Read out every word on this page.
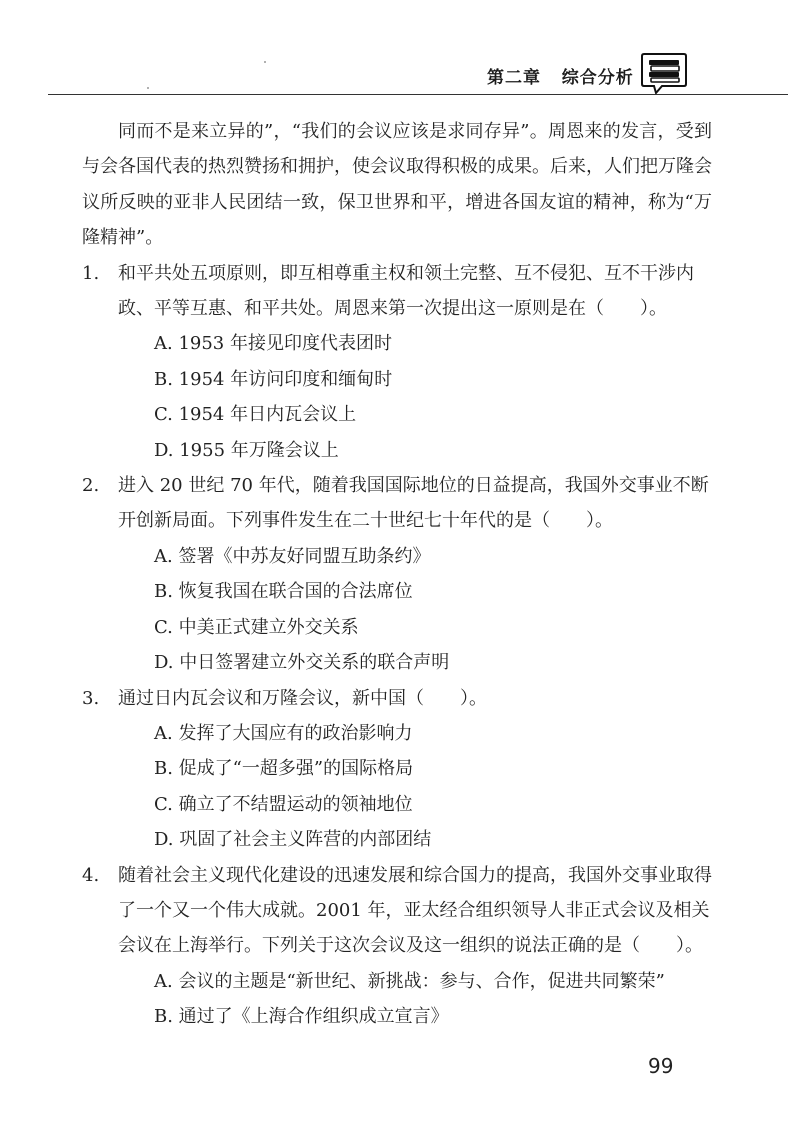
第二章 综合分析

同而不是来立异的”，“我们的会议应该是求同存异”。周恩来的发言，受到与会各国代表的热烈赞扬和拥护，使会议取得积极的成果。后来，人们把万隆会议所反映的亚非人民团结一致，保卫世界和平，增进各国友谊的精神，称为“万隆精神”。

1. 和平共处五项原则，即互相尊重主权和领土完整、互不侵犯、互不干涉内政、平等互惠、和平共处。周恩来第一次提出这一原则是在（　　）。

A. 1953 年接见印度代表团时

B. 1954 年访问印度和缅甸时

C. 1954 年日内瓦会议上

D. 1955 年万隆会议上

2. 进入 20 世纪 70 年代，随着我国国际地位的日益提高，我国外交事业不断开创新局面。下列事件发生在二十世纪七十年代的是（　　）。

A. 签署《中苏友好同盟互助条约》

B. 恢复我国在联合国的合法席位

C. 中美正式建立外交关系

D. 中日签署建立外交关系的联合声明

3. 通过日内瓦会议和万隆会议，新中国（　　）。

A. 发挥了大国应有的政治影响力

B. 促成了“一超多强”的国际格局

C. 确立了不结盟运动的领袖地位

D. 巩固了社会主义阵营的内部团结

4. 随着社会主义现代化建设的迅速发展和综合国力的提高，我国外交事业取得了一个又一个伟大成就。2001 年，亚太经合组织领导人非正式会议及相关会议在上海举行。下列关于这次会议及这一组织的说法正确的是（　　）。

A. 会议的主题是“新世纪、新挑战：参与、合作，促进共同繁荣”

B. 通过了《上海合作组织成立宣言》

99
